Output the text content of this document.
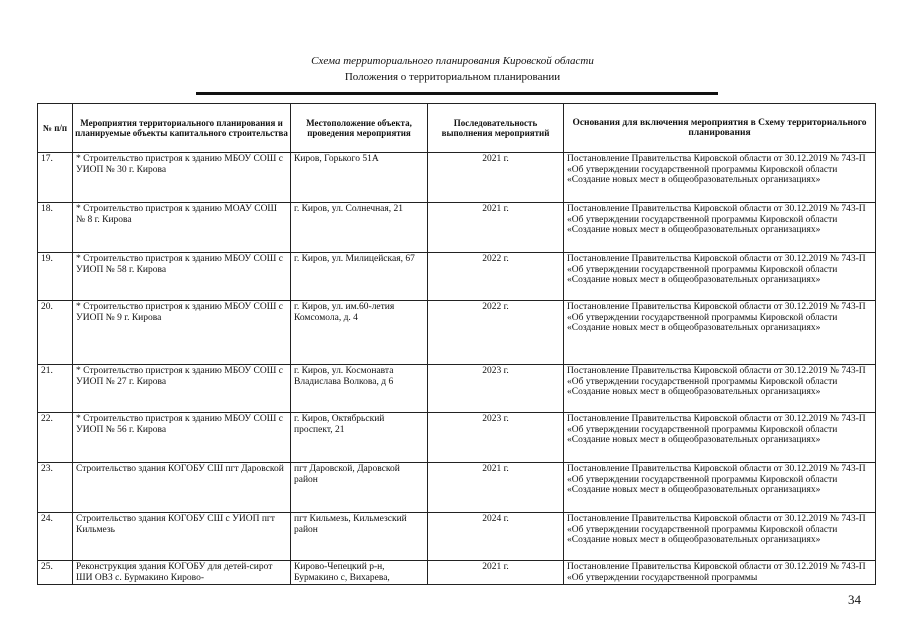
Схема территориального планирования Кировской области
Положения о территориальном планировании
№ п/п	Мероприятия территориального планирования и планируемые объекты капитального строительства	Местоположение объекта, проведения мероприятия	Последовательность выполнения мероприятий	Основания для включения мероприятия в Схему территориального планирования
17.	* Строительство пристроя к зданию МБОУ СОШ с УИОП № 30 г. Кирова	Киров, Горького 51А	2021 г.	Постановление Правительства Кировской области от 30.12.2019 № 743-П «Об утверждении государственной программы Кировской области «Создание новых мест в общеобразовательных организациях»
18.	* Строительство пристроя к зданию МОАУ СОШ № 8 г. Кирова	г. Киров, ул. Солнечная, 21	2021 г.	Постановление Правительства Кировской области от 30.12.2019 № 743-П «Об утверждении государственной программы Кировской области «Создание новых мест в общеобразовательных организациях»
19.	* Строительство пристроя к зданию МБОУ СОШ с УИОП № 58 г. Кирова	г. Киров, ул. Милицейская, 67	2022 г.	Постановление Правительства Кировской области от 30.12.2019 № 743-П «Об утверждении государственной программы Кировской области «Создание новых мест в общеобразовательных организациях»
20.	* Строительство пристроя к зданию МБОУ СОШ с УИОП № 9 г. Кирова	г. Киров, ул. им.60-летия Комсомола, д. 4	2022 г.	Постановление Правительства Кировской области от 30.12.2019 № 743-П «Об утверждении государственной программы Кировской области «Создание новых мест в общеобразовательных организациях»
21.	* Строительство пристроя к зданию МБОУ СОШ с УИОП № 27 г. Кирова	г. Киров, ул. Космонавта Владислава Волкова, д 6	2023 г.	Постановление Правительства Кировской области от 30.12.2019 № 743-П «Об утверждении государственной программы Кировской области «Создание новых мест в общеобразовательных организациях»
22.	* Строительство пристроя к зданию МБОУ СОШ с УИОП № 56 г. Кирова	г. Киров, Октябрьский проспект, 21	2023 г.	Постановление Правительства Кировской области от 30.12.2019 № 743-П «Об утверждении государственной программы Кировской области «Создание новых мест в общеобразовательных организациях»
23.	Строительство здания КОГОБУ СШ пгт Даровской	пгт Даровской, Даровской район	2021 г.	Постановление Правительства Кировской области от 30.12.2019 № 743-П «Об утверждении государственной программы Кировской области «Создание новых мест в общеобразовательных организациях»
24.	Строительство здания КОГОБУ СШ с УИОП пгт Кильмезь	пгт Кильмезь, Кильмезский район	2024 г.	Постановление Правительства Кировской области от 30.12.2019 № 743-П «Об утверждении государственной программы Кировской области «Создание новых мест в общеобразовательных организациях»
25.	Реконструкция здания КОГОБУ для детей-сирот ШИ ОВЗ с. Бурмакино Кирово-	Кирово-Чепецкий р-н, Бурмакино с, Вихарева,	2021 г.	Постановление Правительства Кировской области от 30.12.2019 № 743-П «Об утверждении государственной программы
34
